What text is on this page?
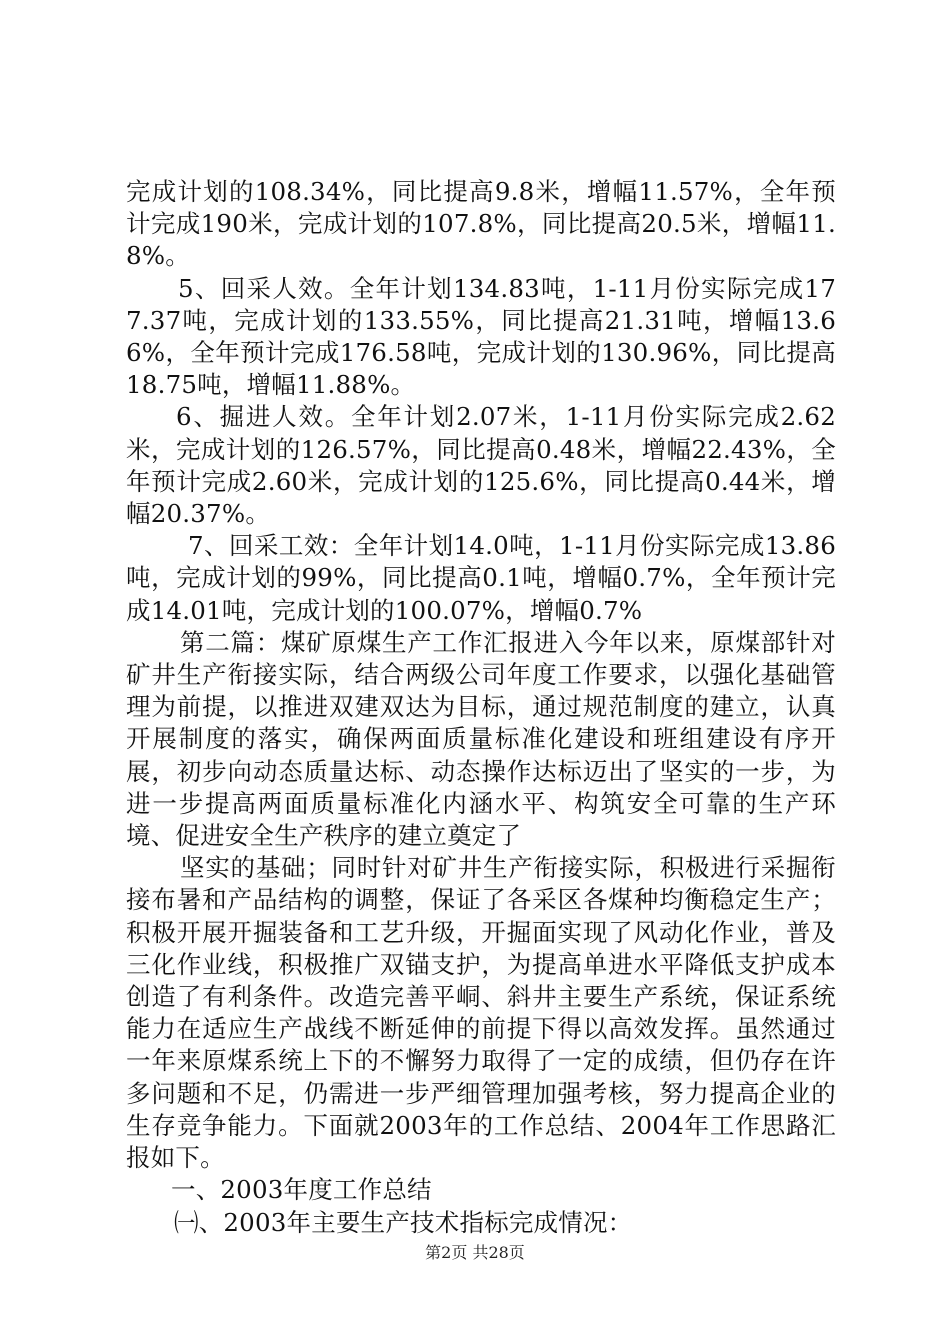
完成计划的108.34%，同比提高9.8米，增幅11.57%，全年预计完成190米，完成计划的107.8%，同比提高20.5米，增幅11.8%。

5、回采人效。全年计划134.83吨，1-11月份实际完成177.37吨，完成计划的133.55%，同比提高21.31吨，增幅13.66%，全年预计完成176.58吨，完成计划的130.96%，同比提高18.75吨，增幅11.88%。

6、掘进人效。全年计划2.07米，1-11月份实际完成2.62米，完成计划的126.57%，同比提高0.48米，增幅22.43%，全年预计完成2.60米，完成计划的125.6%，同比提高0.44米，增幅20.37%。

7、回采工效：全年计划14.0吨，1-11月份实际完成13.86吨，完成计划的99%，同比提高0.1吨，增幅0.7%，全年预计完成14.01吨，完成计划的100.07%，增幅0.7%

第二篇：煤矿原煤生产工作汇报进入今年以来，原煤部针对矿井生产衔接实际，结合两级公司年度工作要求，以强化基础管理为前提，以推进双建双达为目标，通过规范制度的建立，认真开展制度的落实，确保两面质量标准化建设和班组建设有序开展，初步向动态质量达标、动态操作达标迈出了坚实的一步，为进一步提高两面质量标准化内涵水平、构筑安全可靠的生产环境、促进安全生产秩序的建立奠定了

坚实的基础；同时针对矿井生产衔接实际，积极进行采掘衔接布暑和产品结构的调整，保证了各采区各煤种均衡稳定生产；积极开展开掘装备和工艺升级，开掘面实现了风动化作业，普及三化作业线，积极推广双锚支护，为提高单进水平降低支护成本创造了有利条件。改造完善平峒、斜井主要生产系统，保证系统能力在适应生产战线不断延伸的前提下得以高效发挥。虽然通过一年来原煤系统上下的不懈努力取得了一定的成绩，但仍存在许多问题和不足，仍需进一步严细管理加强考核，努力提高企业的生存竞争能力。下面就2003年的工作总结、2004年工作思路汇报如下。

一、2003年度工作总结

㈠、2003年主要生产技术指标完成情况：

第2页 共28页
